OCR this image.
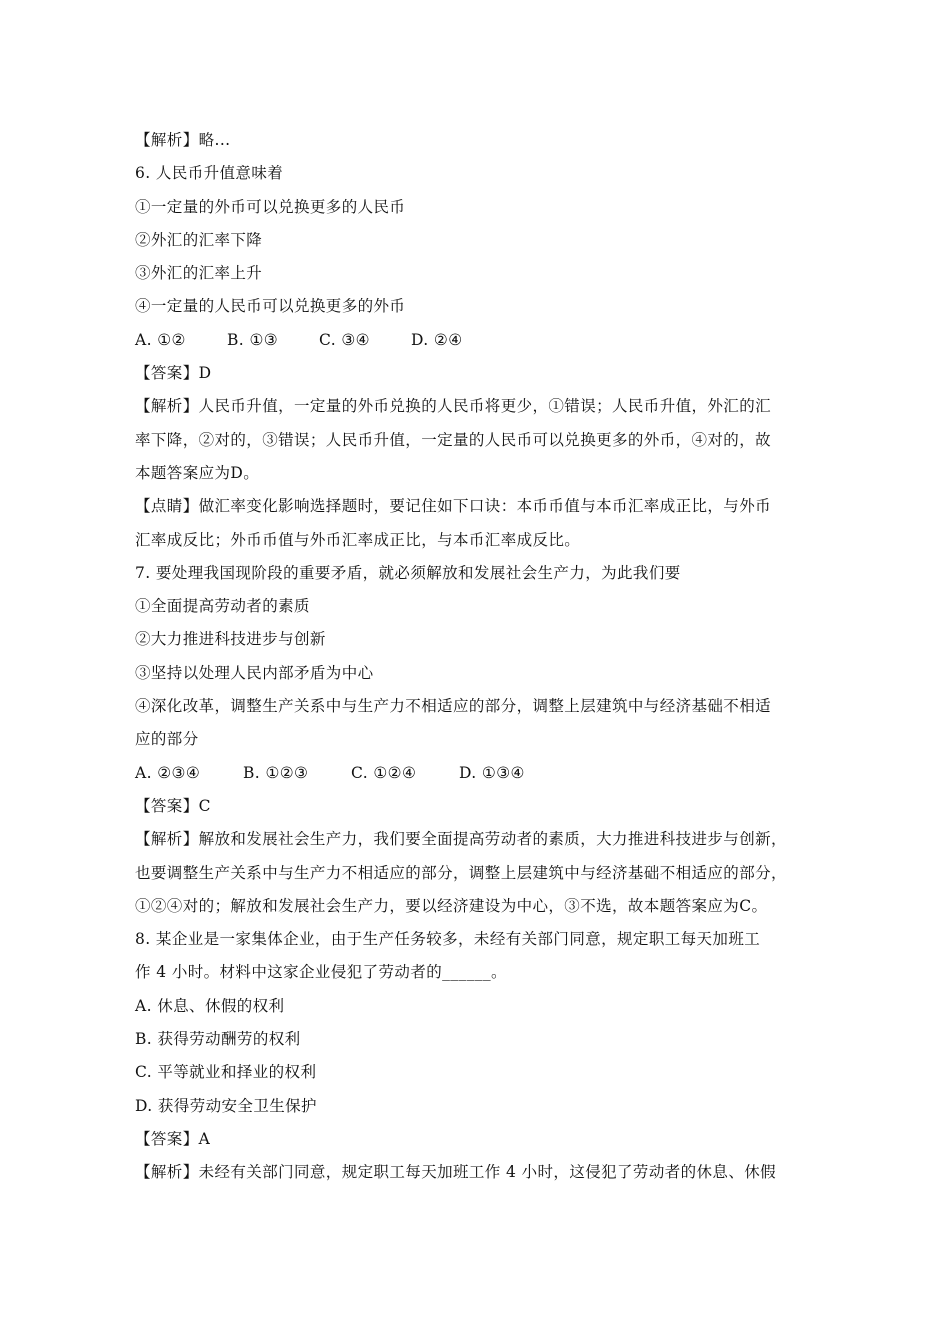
【解析】略...
6. 人民币升值意味着
①一定量的外币可以兑换更多的人民币
②外汇的汇率下降
③外汇的汇率上升
④一定量的人民币可以兑换更多的外币
A. ①②	B. ①③	C. ③④	D. ②④
【答案】D
【解析】人民币升值，一定量的外币兑换的人民币将更少，①错误；人民币升值，外汇的汇
率下降，②对的，③错误；人民币升值，一定量的人民币可以兑换更多的外币，④对的，故
本题答案应为D。
【点睛】做汇率变化影响选择题时，要记住如下口诀：本币币值与本币汇率成正比，与外币
汇率成反比；外币币值与外币汇率成正比，与本币汇率成反比。
7. 要处理我国现阶段的重要矛盾，就必须解放和发展社会生产力，为此我们要
①全面提高劳动者的素质
②大力推进科技进步与创新
③坚持以处理人民内部矛盾为中心
④深化改革，调整生产关系中与生产力不相适应的部分，调整上层建筑中与经济基础不相适
应的部分
A. ②③④	B. ①②③	C. ①②④	D. ①③④
【答案】C
【解析】解放和发展社会生产力，我们要全面提高劳动者的素质，大力推进科技进步与创新，
也要调整生产关系中与生产力不相适应的部分，调整上层建筑中与经济基础不相适应的部分，
①②④对的；解放和发展社会生产力，要以经济建设为中心，③不选，故本题答案应为C。
8. 某企业是一家集体企业，由于生产任务较多，未经有关部门同意，规定职工每天加班工
作 4 小时。材料中这家企业侵犯了劳动者的______。
A. 休息、休假的权利
B. 获得劳动酬劳的权利
C. 平等就业和择业的权利
D. 获得劳动安全卫生保护
【答案】A
【解析】未经有关部门同意，规定职工每天加班工作 4 小时，这侵犯了劳动者的休息、休假
